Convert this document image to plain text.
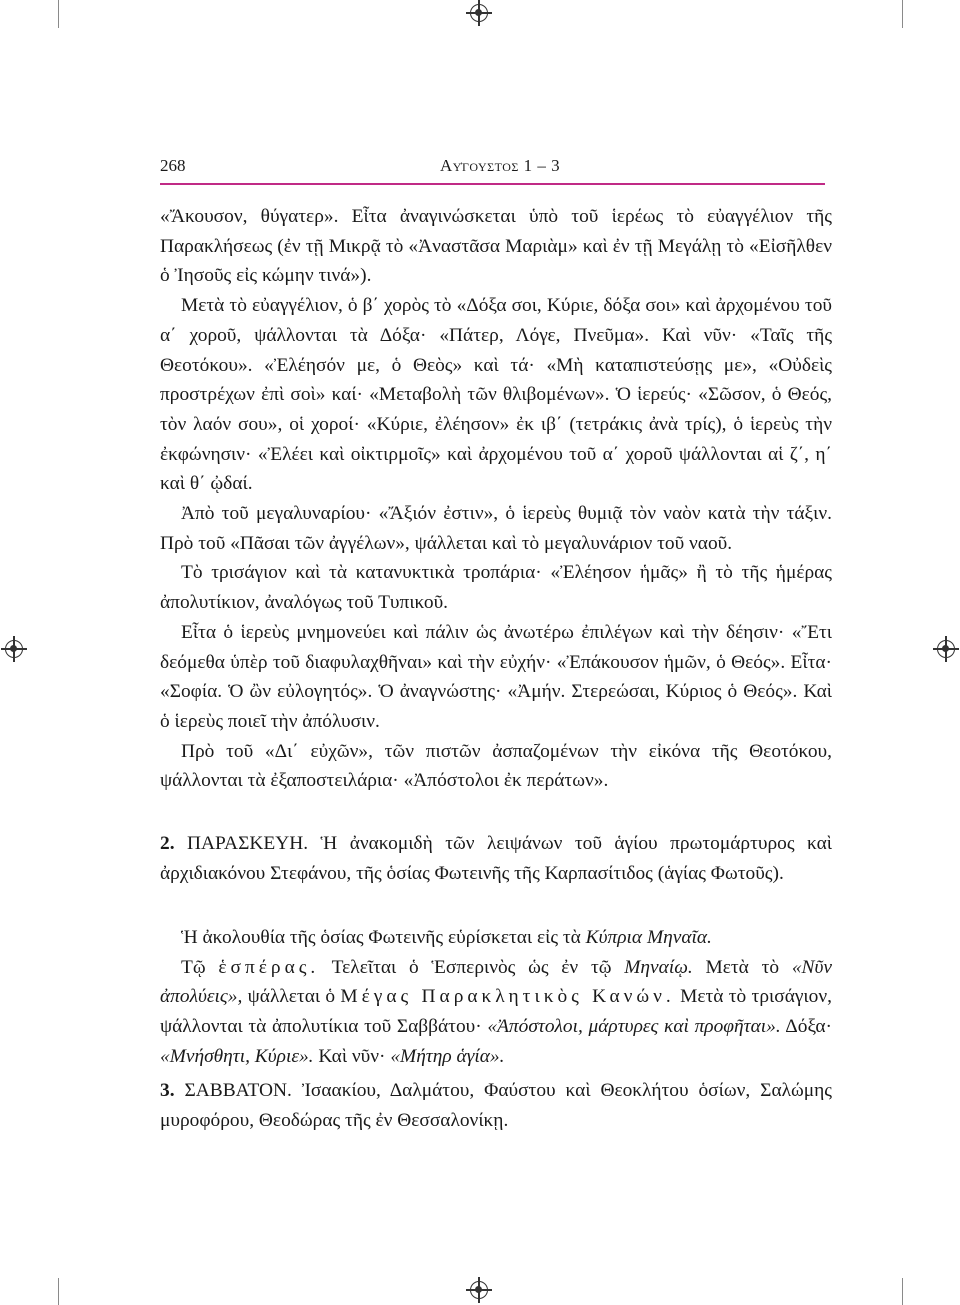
268	Αὐγουστος 1 – 3

«Ἄκουσον, θύγατερ». Εἶτα ἀναγινώσκεται ὑπὸ τοῦ ἱερέως τὸ εὐαγγέλιον τῆς Παρακλήσεως (ἐν τῇ Μικρᾷ τὸ «Ἀναστᾶσα Μαριὰμ» καὶ ἐν τῇ Μεγάλῃ τὸ «Εἰσῆλθεν ὁ Ἰησοῦς εἰς κώμην τινά»).

Μετὰ τὸ εὐαγγέλιον, ὁ β΄ χορὸς τὸ «Δόξα σοι, Κύριε, δόξα σοι» καὶ ἀρχομένου τοῦ α΄ χοροῦ, ψάλλονται τὰ Δόξα· «Πάτερ, Λόγε, Πνεῦμα». Καὶ νῦν· «Ταῖς τῆς Θεοτόκου». «Ἐλέησόν με, ὁ Θεὸς» καὶ τά· «Μὴ καταπιστεύσῃς με», «Οὐδεὶς προστρέχων ἐπὶ σοὶ» καί· «Μεταβολὴ τῶν θλιβομένων». Ὁ ἱερεύς· «Σῶσον, ὁ Θεός, τὸν λαόν σου», οἱ χοροί· «Κύριε, ἐλέησον» ἐκ ιβ΄ (τετράκις ἀνὰ τρίς), ὁ ἱερεὺς τὴν ἐκφώνησιν· «Ἐλέει καὶ οἰκτιρμοῖς» καὶ ἀρχομένου τοῦ α΄ χοροῦ ψάλλονται αἱ ζ΄, η΄ καὶ θ΄ ᾠδαί.

Ἀπὸ τοῦ μεγαλυναρίου· «Ἄξιόν ἐστιν», ὁ ἱερεὺς θυμιᾷ τὸν ναὸν κατὰ τὴν τάξιν. Πρὸ τοῦ «Πᾶσαι τῶν ἀγγέλων», ψάλλεται καὶ τὸ μεγαλυνάριον τοῦ ναοῦ.

Τὸ τρισάγιον καὶ τὰ κατανυκτικὰ τροπάρια· «Ἐλέησον ἡμᾶς» ἢ τὸ τῆς ἡμέρας ἀπολυτίκιον, ἀναλόγως τοῦ Τυπικοῦ.

Εἶτα ὁ ἱερεὺς μνημονεύει καὶ πάλιν ὡς ἀνωτέρω ἐπιλέγων καὶ τὴν δέησιν· «Ἔτι δεόμεθα ὑπὲρ τοῦ διαφυλαχθῆναι» καὶ τὴν εὐχήν· «Ἐπάκουσον ἡμῶν, ὁ Θεός». Εἶτα· «Σοφία. Ὁ ὢν εὐλογητός». Ὁ ἀναγνώστης· «Ἀμήν. Στερεώσαι, Κύριος ὁ Θεός». Καὶ ὁ ἱερεὺς ποιεῖ τὴν ἀπόλυσιν.

Πρὸ τοῦ «Δι΄ εὐχῶν», τῶν πιστῶν ἀσπαζομένων τὴν εἰκόνα τῆς Θεοτόκου, ψάλλονται τὰ ἐξαποστειλάρια· «Ἀπόστολοι ἐκ περάτων».

2. ΠΑΡΑΣΚΕΥΗ. Ἡ ἀνακομιδὴ τῶν λειψάνων τοῦ ἁγίου πρωτομάρτυρος καὶ ἀρχιδιακόνου Στεφάνου, τῆς ὁσίας Φωτεινῆς τῆς Καρπασίτιδος (ἁγίας Φωτοῦς).

Ἡ ἀκολουθία τῆς ὁσίας Φωτεινῆς εὑρίσκεται εἰς τὰ Κύπρια Μηναῖα.

Τῷ ἑσπέρας. Τελεῖται ὁ Ἑσπερινὸς ὡς ἐν τῷ Μηναίῳ. Μετὰ τὸ «Νῦν ἀπολύεις», ψάλλεται ὁ Μέγας Παρακλητικὸς Κανών. Μετὰ τὸ τρισάγιον, ψάλλονται τὰ ἀπολυτίκια τοῦ Σαββάτου· «Ἀπόστολοι, μάρτυρες καὶ προφῆται». Δόξα· «Μνήσθητι, Κύριε». Καὶ νῦν· «Μήτηρ ἁγία».

3. ΣΑΒΒΑΤΟΝ. Ἰσαακίου, Δαλμάτου, Φαύστου καὶ Θεοκλήτου ὁσίων, Σαλώμης μυροφόρου, Θεοδώρας τῆς ἐν Θεσσαλονίκῃ.
